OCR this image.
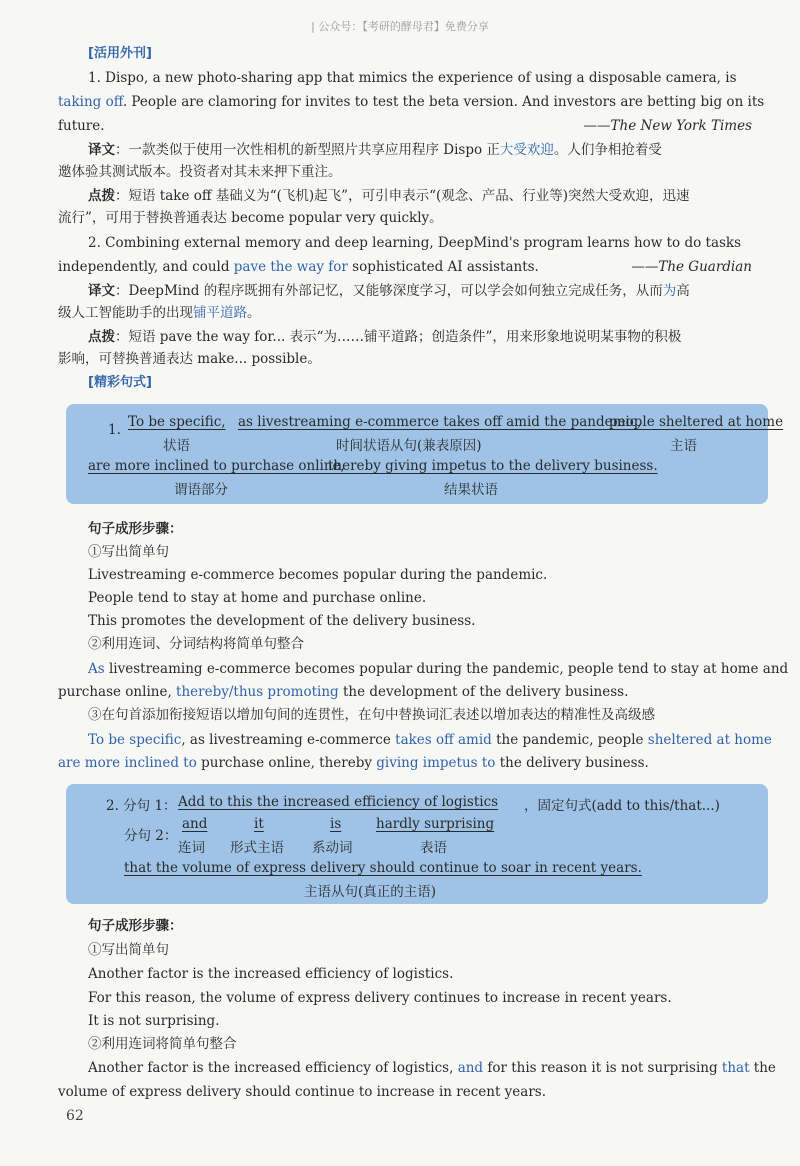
| 公众号：【考研的酵母君】免费分享
[活用外刊]
1. Dispo, a new photo-sharing app that mimics the experience of using a disposable camera, is
taking off. People are clamoring for invites to test the beta version. And investors are betting big on its
future.	——The New York Times
译文：一款类似于使用一次性相机的新型照片共享应用程序 Dispo 正大受欢迎。人们争相抢着受
邀体验其测试版本。投资者对其未来押下重注。
点拨：短语 take off 基础义为“(飞机)起飞”，可引申表示“(观念、产品、行业等)突然大受欢迎，迅速
流行”，可用于替换普通表达 become popular very quickly。
2. Combining external memory and deep learning, DeepMind's program learns how to do tasks
independently, and could pave the way for sophisticated AI assistants.	——The Guardian
译文：DeepMind 的程序既拥有外部记忆，又能够深度学习，可以学会如何独立完成任务，从而为高
级人工智能助手的出现铺平道路。
点拨：短语 pave the way for... 表示“为……铺平道路；创造条件”，用来形象地说明某事物的积极
影响，可替换普通表达 make... possible。
[精彩句式]
1. To be specific,
状语
as livestreaming e-commerce takes off amid the pandemic,
时间状语从句(兼表原因)
people sheltered at home
主语
are more inclined to purchase online,
谓语部分
thereby giving impetus to the delivery business.
结果状语
句子成形步骤：
①写出简单句
Livestreaming e-commerce becomes popular during the pandemic.
People tend to stay at home and purchase online.
This promotes the development of the delivery business.
②利用连词、分词结构将简单句整合
As livestreaming e-commerce becomes popular during the pandemic, people tend to stay at home and
purchase online, thereby/thus promoting the development of the delivery business.
③在句首添加衔接短语以增加句间的连贯性，在句中替换词汇表述以增加表达的精准性及高级感
To be specific, as livestreaming e-commerce takes off amid the pandemic, people sheltered at home
are more inclined to purchase online, thereby giving impetus to the delivery business.
2. 分句 1： Add to this the increased efficiency of logistics ，固定句式(add to this/that...)
分句 2：
and
连词
it
形式主语
is
系动词
hardly surprising
表语
that the volume of express delivery should continue to soar in recent years.
主语从句(真正的主语)
句子成形步骤：
①写出简单句
Another factor is the increased efficiency of logistics.
For this reason, the volume of express delivery continues to increase in recent years.
It is not surprising.
②利用连词将简单句整合
Another factor is the increased efficiency of logistics, and for this reason it is not surprising that the
volume of express delivery should continue to increase in recent years.
62
